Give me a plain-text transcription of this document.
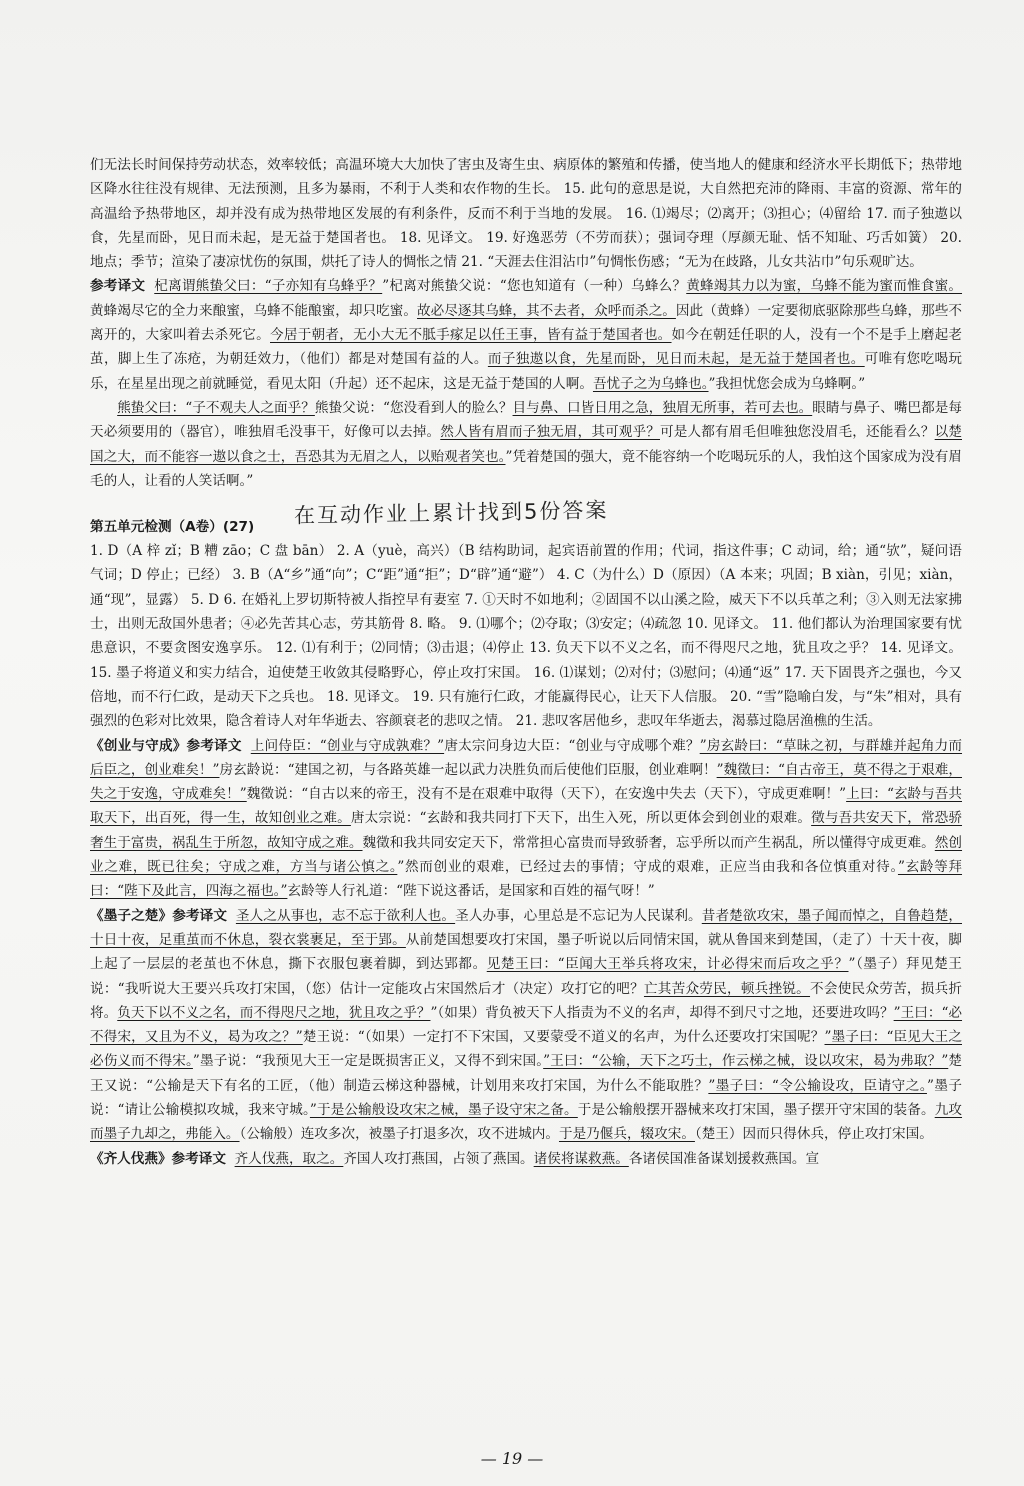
们无法长时间保持劳动状态，效率较低；高温环境大大加快了害虫及寄生虫、病原体的繁殖和传播，使当地人的健康和经济水平长期低下；热带地区降水往往没有规律、无法预测，且多为暴雨，不利于人类和农作物的生长。 15. 此句的意思是说，大自然把充沛的降雨、丰富的资源、常年的高温给予热带地区，却并没有成为热带地区发展的有利条件，反而不利于当地的发展。 16. ⑴竭尽；⑵离开；⑶担心；⑷留给 17. 而子独遨以食，先星而卧，见日而未起，是无益于楚国者也。 18. 见译文。 19. 好逸恶劳（不劳而获）；强词夺理（厚颜无耻、恬不知耻、巧舌如簧） 20. 地点；季节；渲染了凄凉忧伤的氛围，烘托了诗人的惆怅之情 21. “天涯去住泪沾巾”句惆怅伤感；“无为在歧路，儿女共沾巾”句乐观旷达。

参考译文 杞离谓熊蛰父曰：“子亦知有乌蜂乎？”杞离对熊蛰父说：“您也知道有（一种）乌蜂么？黄蜂竭其力以为蜜，乌蜂不能为蜜而惟食蜜。黄蜂竭尽它的全力来酿蜜，乌蜂不能酿蜜，却只吃蜜。故必尽逐其乌蜂，其不去者，众呼而杀之。因此（黄蜂）一定要彻底驱除那些乌蜂，那些不离开的，大家叫着去杀死它。今居于朝者，无小大无不胝手瘃足以任王事，皆有益于楚国者也。如今在朝廷任职的人，没有一个不是手上磨起老茧，脚上生了冻疮，为朝廷效力，（他们）都是对楚国有益的人。而子独遨以食，先星而卧，见日而未起，是无益于楚国者也。可唯有您吃喝玩乐，在星星出现之前就睡觉，看见太阳（升起）还不起床，这是无益于楚国的人啊。吾忧子之为乌蜂也。”我担忧您会成为乌蜂啊。”

熊蛰父曰：“子不观夫人之面乎？熊蛰父说：“您没看到人的脸么？目与鼻、口皆日用之急，独眉无所事，若可去也。眼睛与鼻子、嘴巴都是每天必须要用的（器官），唯独眉毛没事干，好像可以去掉。然人皆有眉而子独无眉，其可观乎？可是人都有眉毛但唯独您没眉毛，还能看么？以楚国之大，而不能容一遨以食之士，吾恐其为无眉之人，以贻观者笑也。”凭着楚国的强大，竟不能容纳一个吃喝玩乐的人，我怕这个国家成为没有眉毛的人，让看的人笑话啊。”

第五单元检测（A卷）(27) 在互动作业上累计找到5份答案

1. D（A 梓 zǐ；B 糟 zāo；C 盘 bān） 2. A（yuè，高兴）（B 结构助词，起宾语前置的作用；代词，指这件事；C 动词，给；通“欤”，疑问语气词；D 停止；已经） 3. B（A“乡”通“向”；C“距”通“拒”；D“辟”通“避”） 4. C（为什么）D（原因）（A 本来；巩固；B xiàn，引见；xiàn，通“现”，显露） 5. D 6. 在婚礼上罗切斯特被人指控早有妻室 7. ①天时不如地利；②固国不以山溪之险，威天下不以兵革之利；③入则无法家拂士，出则无敌国外患者；④必先苦其心志，劳其筋骨 8. 略。 9. ⑴哪个；⑵夺取；⑶安定；⑷疏忽 10. 见译文。 11. 他们都认为治理国家要有忧患意识，不要贪图安逸享乐。 12. ⑴有利于；⑵同情；⑶击退；⑷停止 13. 负天下以不义之名，而不得咫尺之地，犹且攻之乎？ 14. 见译文。 15. 墨子将道义和实力结合，迫使楚王收敛其侵略野心，停止攻打宋国。 16. ⑴谋划；⑵对付；⑶慰问；⑷通“返” 17. 天下固畏齐之强也，今又倍地，而不行仁政，是动天下之兵也。 18. 见译文。 19. 只有施行仁政，才能赢得民心，让天下人信服。 20. “雪”隐喻白发，与“朱”相对，具有强烈的色彩对比效果，隐含着诗人对年华逝去、容颜衰老的悲叹之情。 21. 悲叹客居他乡，悲叹年华逝去，渴慕过隐居渔樵的生活。

《创业与守成》参考译文 上问侍臣：“创业与守成孰难？”唐太宗问身边大臣：“创业与守成哪个难？”房玄龄曰：“草昧之初，与群雄并起角力而后臣之，创业难矣！”房玄龄说：“建国之初，与各路英雄一起以武力决胜负而后使他们臣服，创业难啊！”魏徵曰：“自古帝王，莫不得之于艰难，失之于安逸，守成难矣！”魏徵说：“自古以来的帝王，没有不是在艰难中取得（天下），在安逸中失去（天下），守成更难啊！”上曰：“玄龄与吾共取天下，出百死，得一生，故知创业之难。唐太宗说：“玄龄和我共同打下天下，出生入死，所以更体会到创业的艰难。徵与吾共安天下，常恐骄奢生于富贵，祸乱生于所忽，故知守成之难。魏徵和我共同安定天下，常常担心富贵而导致骄奢，忘乎所以而产生祸乱，所以懂得守成更难。然创业之难，既已往矣；守成之难，方当与诸公慎之。”然而创业的艰难，已经过去的事情；守成的艰难，正应当由我和各位慎重对待。”玄龄等拜曰：“陛下及此言，四海之福也。”玄龄等人行礼道：“陛下说这番话，是国家和百姓的福气呀！”

《墨子之楚》参考译文 圣人之从事也，志不忘于欲利人也。圣人办事，心里总是不忘记为人民谋利。昔者楚欲攻宋，墨子闻而悼之，自鲁趋楚，十日十夜，足重茧而不休息，裂衣裳裹足，至于郢。从前楚国想要攻打宋国，墨子听说以后同情宋国，就从鲁国来到楚国，（走了）十天十夜，脚上起了一层层的老茧也不休息，撕下衣服包裹着脚，到达郢都。见楚王曰：“臣闻大王举兵将攻宋，计必得宋而后攻之乎？”（墨子）拜见楚王说：“我听说大王要兴兵攻打宋国，（您）估计一定能攻占宋国然后才（决定）攻打它的吧？亡其苦众劳民，顿兵挫锐。不会使民众劳苦，损兵折将。负天下以不义之名，而不得咫尺之地，犹且攻之乎？”（如果）背负被天下人指责为不义的名声，却得不到尺寸之地，还要进攻吗？”王曰：“必不得宋，又且为不义，曷为攻之？”楚王说：“（如果）一定打不下宋国，又要蒙受不道义的名声，为什么还要攻打宋国呢？”墨子曰：“臣见大王之必伤义而不得宋。”墨子说：“我预见大王一定是既损害正义，又得不到宋国。”王曰：“公输，天下之巧士，作云梯之械，设以攻宋，曷为弗取？”楚王又说：“公输是天下有名的工匠，（他）制造云梯这种器械，计划用来攻打宋国，为什么不能取胜？”墨子曰：“令公输设攻，臣请守之。”墨子说：“请让公输模拟攻城，我来守城。”于是公输般设攻宋之械，墨子设守宋之备。于是公输般摆开器械来攻打宋国，墨子摆开守宋国的装备。九攻而墨子九却之，弗能入。（公输般）连攻多次，被墨子打退多次，攻不进城内。于是乃偃兵，辍攻宋。（楚王）因而只得休兵，停止攻打宋国。

《齐人伐燕》参考译文 齐人伐燕，取之。齐国人攻打燕国，占领了燕国。诸侯将谋救燕。各诸侯国准备谋划援救燕国。宣

— 19 —
